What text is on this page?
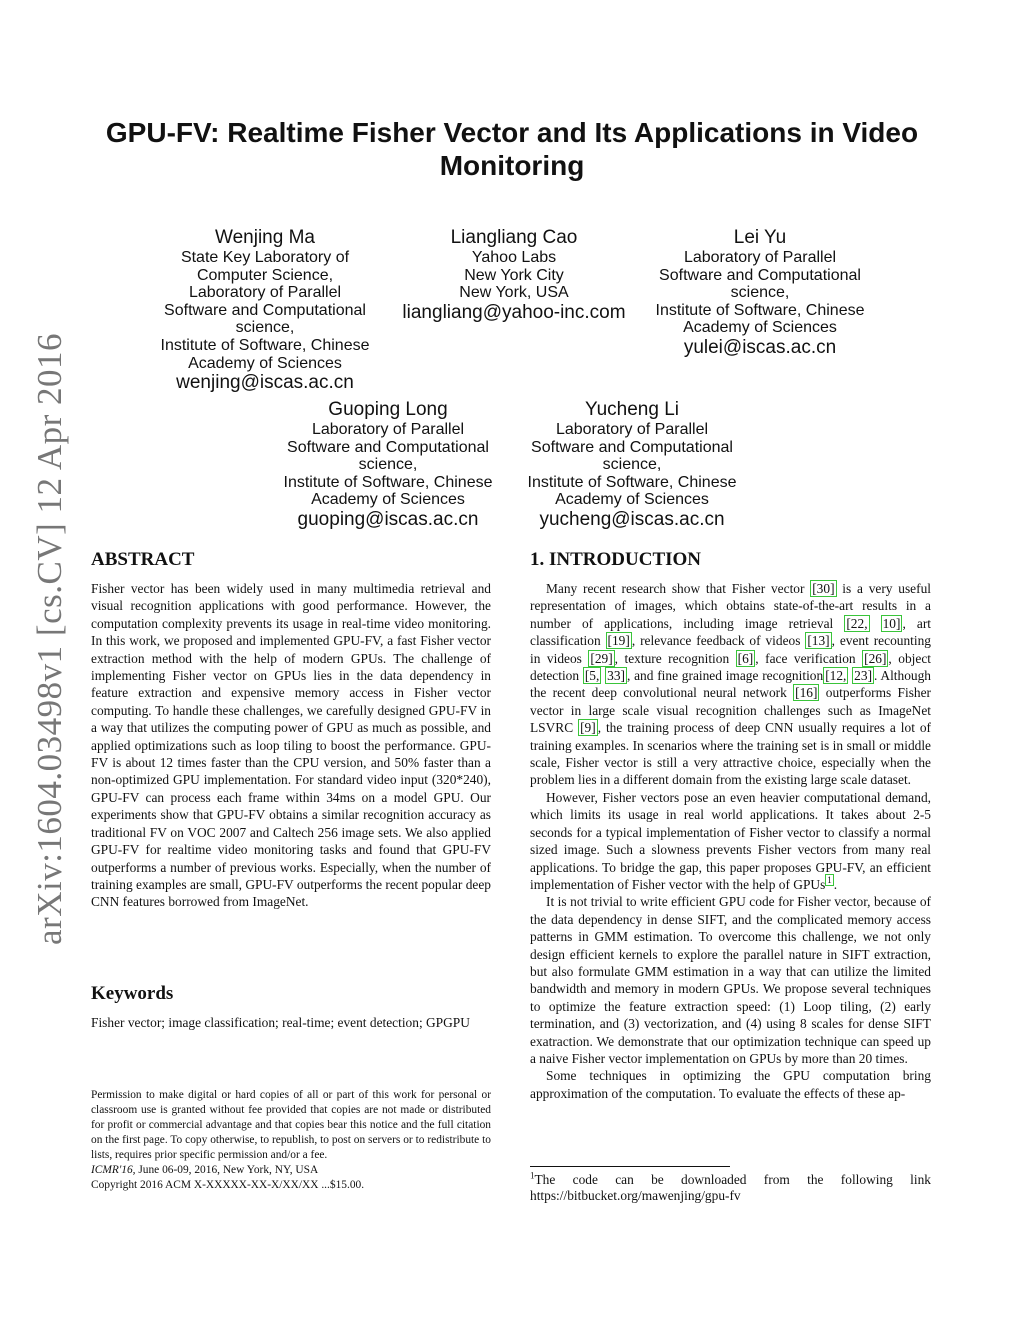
arXiv:1604.03498v1 [cs.CV] 12 Apr 2016
GPU-FV: Realtime Fisher Vector and Its Applications in Video Monitoring
Wenjing Ma
State Key Laboratory of
Computer Science,
Laboratory of Parallel
Software and Computational
science,
Institute of Software, Chinese
Academy of Sciences
wenjing@iscas.ac.cn
Liangliang Cao
Yahoo Labs
New York City
New York, USA
liangliang@yahoo-inc.com
Lei Yu
Laboratory of Parallel
Software and Computational
science,
Institute of Software, Chinese
Academy of Sciences
yulei@iscas.ac.cn
Guoping Long
Laboratory of Parallel
Software and Computational
science,
Institute of Software, Chinese
Academy of Sciences
guoping@iscas.ac.cn
Yucheng Li
Laboratory of Parallel
Software and Computational
science,
Institute of Software, Chinese
Academy of Sciences
yucheng@iscas.ac.cn
ABSTRACT

Fisher vector has been widely used in many multimedia retrieval and visual recognition applications with good performance. However, the computation complexity prevents its usage in real-time video monitoring. In this work, we proposed and implemented GPU-FV, a fast Fisher vector extraction method with the help of modern GPUs. The challenge of implementing Fisher vector on GPUs lies in the data dependency in feature extraction and expensive memory access in Fisher vector computing. To handle these challenges, we carefully designed GPU-FV in a way that utilizes the computing power of GPU as much as possible, and applied optimizations such as loop tiling to boost the performance. GPU-FV is about 12 times faster than the CPU version, and 50% faster than a non-optimized GPU implementation. For standard video input (320*240), GPU-FV can process each frame within 34ms on a model GPU. Our experiments show that GPU-FV obtains a similar recognition accuracy as traditional FV on VOC 2007 and Caltech 256 image sets. We also applied GPU-FV for realtime video monitoring tasks and found that GPU-FV outperforms a number of previous works. Especially, when the number of training examples are small, GPU-FV outperforms the recent popular deep CNN features borrowed from ImageNet.

Keywords

Fisher vector; image classification; real-time; event detection; GPGPU

Permission to make digital or hard copies of all or part of this work for personal or classroom use is granted without fee provided that copies are not made or distributed for profit or commercial advantage and that copies bear this notice and the full citation on the first page. To copy otherwise, to republish, to post on servers or to redistribute to lists, requires prior specific permission and/or a fee.

ICMR'16, June 06-09, 2016, New York, NY, USA

Copyright 2016 ACM X-XXXXX-XX-X/XX/XX ...$15.00.

1. INTRODUCTION

Many recent research show that Fisher vector [30] is a very useful representation of images, which obtains state-of-the-art results in a number of applications, including image retrieval [22, 10] , art classification [19] , relevance feedback of videos [13] , event recounting in videos [29] , texture recognition [6] , face verification [26] , object detection [5, 33] , and fine grained image recognition [12, 23] . Although the recent deep convolutional neural network [16] outperforms Fisher vector in large scale visual recognition challenges such as ImageNet LSVRC [9] , the training process of deep CNN usually requires a lot of training examples. In scenarios where the training set is in small or middle scale, Fisher vector is still a very attractive choice, especially when the problem lies in a different domain from the existing large scale dataset.

However, Fisher vectors pose an even heavier computational demand, which limits its usage in real world applications. It takes about 2-5 seconds for a typical implementation of Fisher vector to classify a normal sized image. Such a slowness prevents Fisher vectors from many real applications. To bridge the gap, this paper proposes GPU-FV, an efficient implementation of Fisher vector with the help of GPUs $^1$ .

It is not trivial to write efficient GPU code for Fisher vector, because of the data dependency in dense SIFT, and the complicated memory access patterns in GMM estimation. To overcome this challenge, we not only design efficient kernels to explore the parallel nature in SIFT extraction, but also formulate GMM estimation in a way that can utilize the limited bandwidth and memory in modern GPUs. We propose several techniques to optimize the feature extraction speed: (1) Loop tiling, (2) early termination, and (3) vectorization, and (4) using 8 scales for dense SIFT exatraction. We demonstrate that our optimization technique can speed up a naive Fisher vector implementation on GPUs by more than 20 times.

Some techniques in optimizing the GPU computation bring approximation of the computation. To evaluate the effects of these ap-

$^1$The code can be downloaded from the following link https://bitbucket.org/mawenjing/gpu-fv
